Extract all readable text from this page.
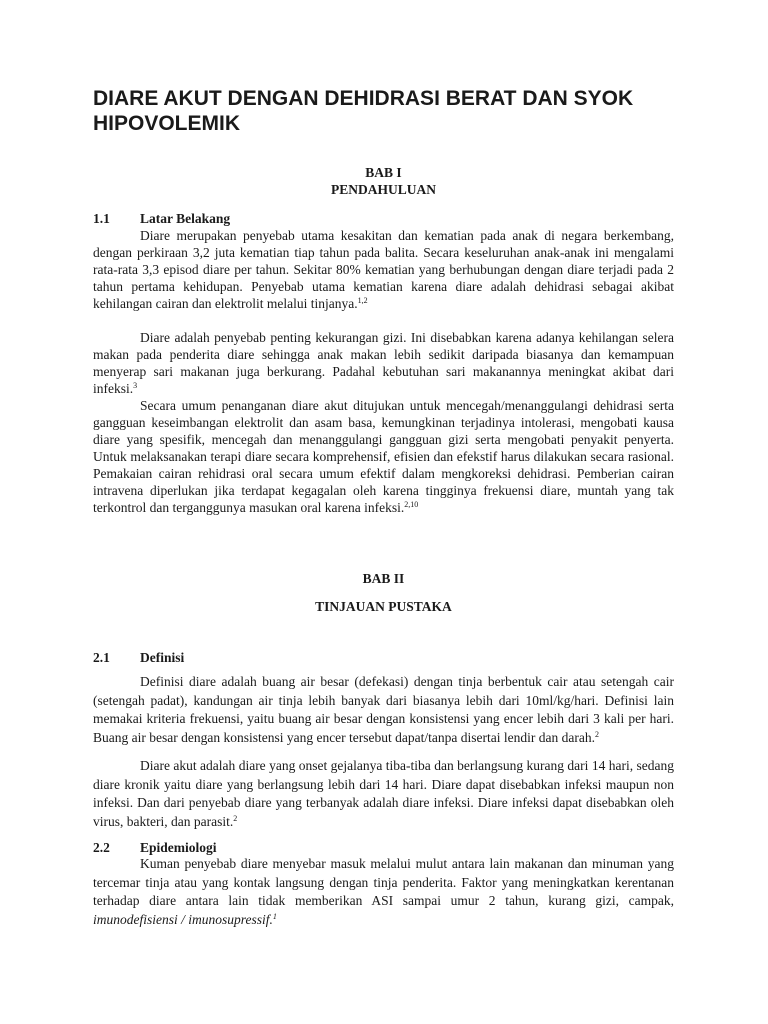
DIARE AKUT DENGAN DEHIDRASI BERAT DAN SYOK
HIPOVOLEMIK

BAB I

PENDAHULUAN

1.1 Latar Belakang

Diare merupakan penyebab utama kesakitan dan kematian pada anak di negara berkembang, dengan perkiraan 3,2 juta kematian tiap tahun pada balita. Secara keseluruhan anak-anak ini mengalami rata-rata 3,3 episod diare per tahun. Sekitar 80% kematian yang berhubungan dengan diare terjadi pada 2 tahun pertama kehidupan. Penyebab utama kematian karena diare adalah dehidrasi sebagai akibat kehilangan cairan dan elektrolit melalui tinjanya.$^{1,2}$

Diare adalah penyebab penting kekurangan gizi. Ini disebabkan karena adanya kehilangan selera makan pada penderita diare sehingga anak makan lebih sedikit daripada biasanya dan kemampuan menyerap sari makanan juga berkurang. Padahal kebutuhan sari makanannya meningkat akibat dari infeksi.$^3$

Secara umum penanganan diare akut ditujukan untuk mencegah/menanggulangi dehidrasi serta gangguan keseimbangan elektrolit dan asam basa, kemungkinan terjadinya intolerasi, mengobati kausa diare yang spesifik, mencegah dan menanggulangi gangguan gizi serta mengobati penyakit penyerta. Untuk melaksanakan terapi diare secara komprehensif, efisien dan efekstif harus dilakukan secara rasional. Pemakaian cairan rehidrasi oral secara umum efektif dalam mengkoreksi dehidrasi. Pemberian cairan intravena diperlukan jika terdapat kegagalan oleh karena tingginya frekuensi diare, muntah yang tak terkontrol dan terganggunya masukan oral karena infeksi.$^{2,10}$

BAB II

TINJAUAN PUSTAKA

2.1 Definisi

Definisi diare adalah buang air besar (defekasi) dengan tinja berbentuk cair atau setengah cair (setengah padat), kandungan air tinja lebih banyak dari biasanya lebih dari 10ml/kg/hari. Definisi lain memakai kriteria frekuensi, yaitu buang air besar dengan konsistensi yang encer lebih dari 3 kali per hari. Buang air besar dengan konsistensi yang encer tersebut dapat/tanpa disertai lendir dan darah.$^2$

Diare akut adalah diare yang onset gejalanya tiba-tiba dan berlangsung kurang dari 14 hari, sedang diare kronik yaitu diare yang berlangsung lebih dari 14 hari. Diare dapat disebabkan infeksi maupun non infeksi. Dan dari penyebab diare yang terbanyak adalah diare infeksi. Diare infeksi dapat disebabkan oleh virus, bakteri, dan parasit.$^2$

2.2 Epidemiologi

Kuman penyebab diare menyebar masuk melalui mulut antara lain makanan dan minuman yang tercemar tinja atau yang kontak langsung dengan tinja penderita. Faktor yang meningkatkan kerentanan terhadap diare antara lain tidak memberikan ASI sampai umur 2 tahun, kurang gizi, campak, imunodefisiensi / imunosupressif.$^1$
